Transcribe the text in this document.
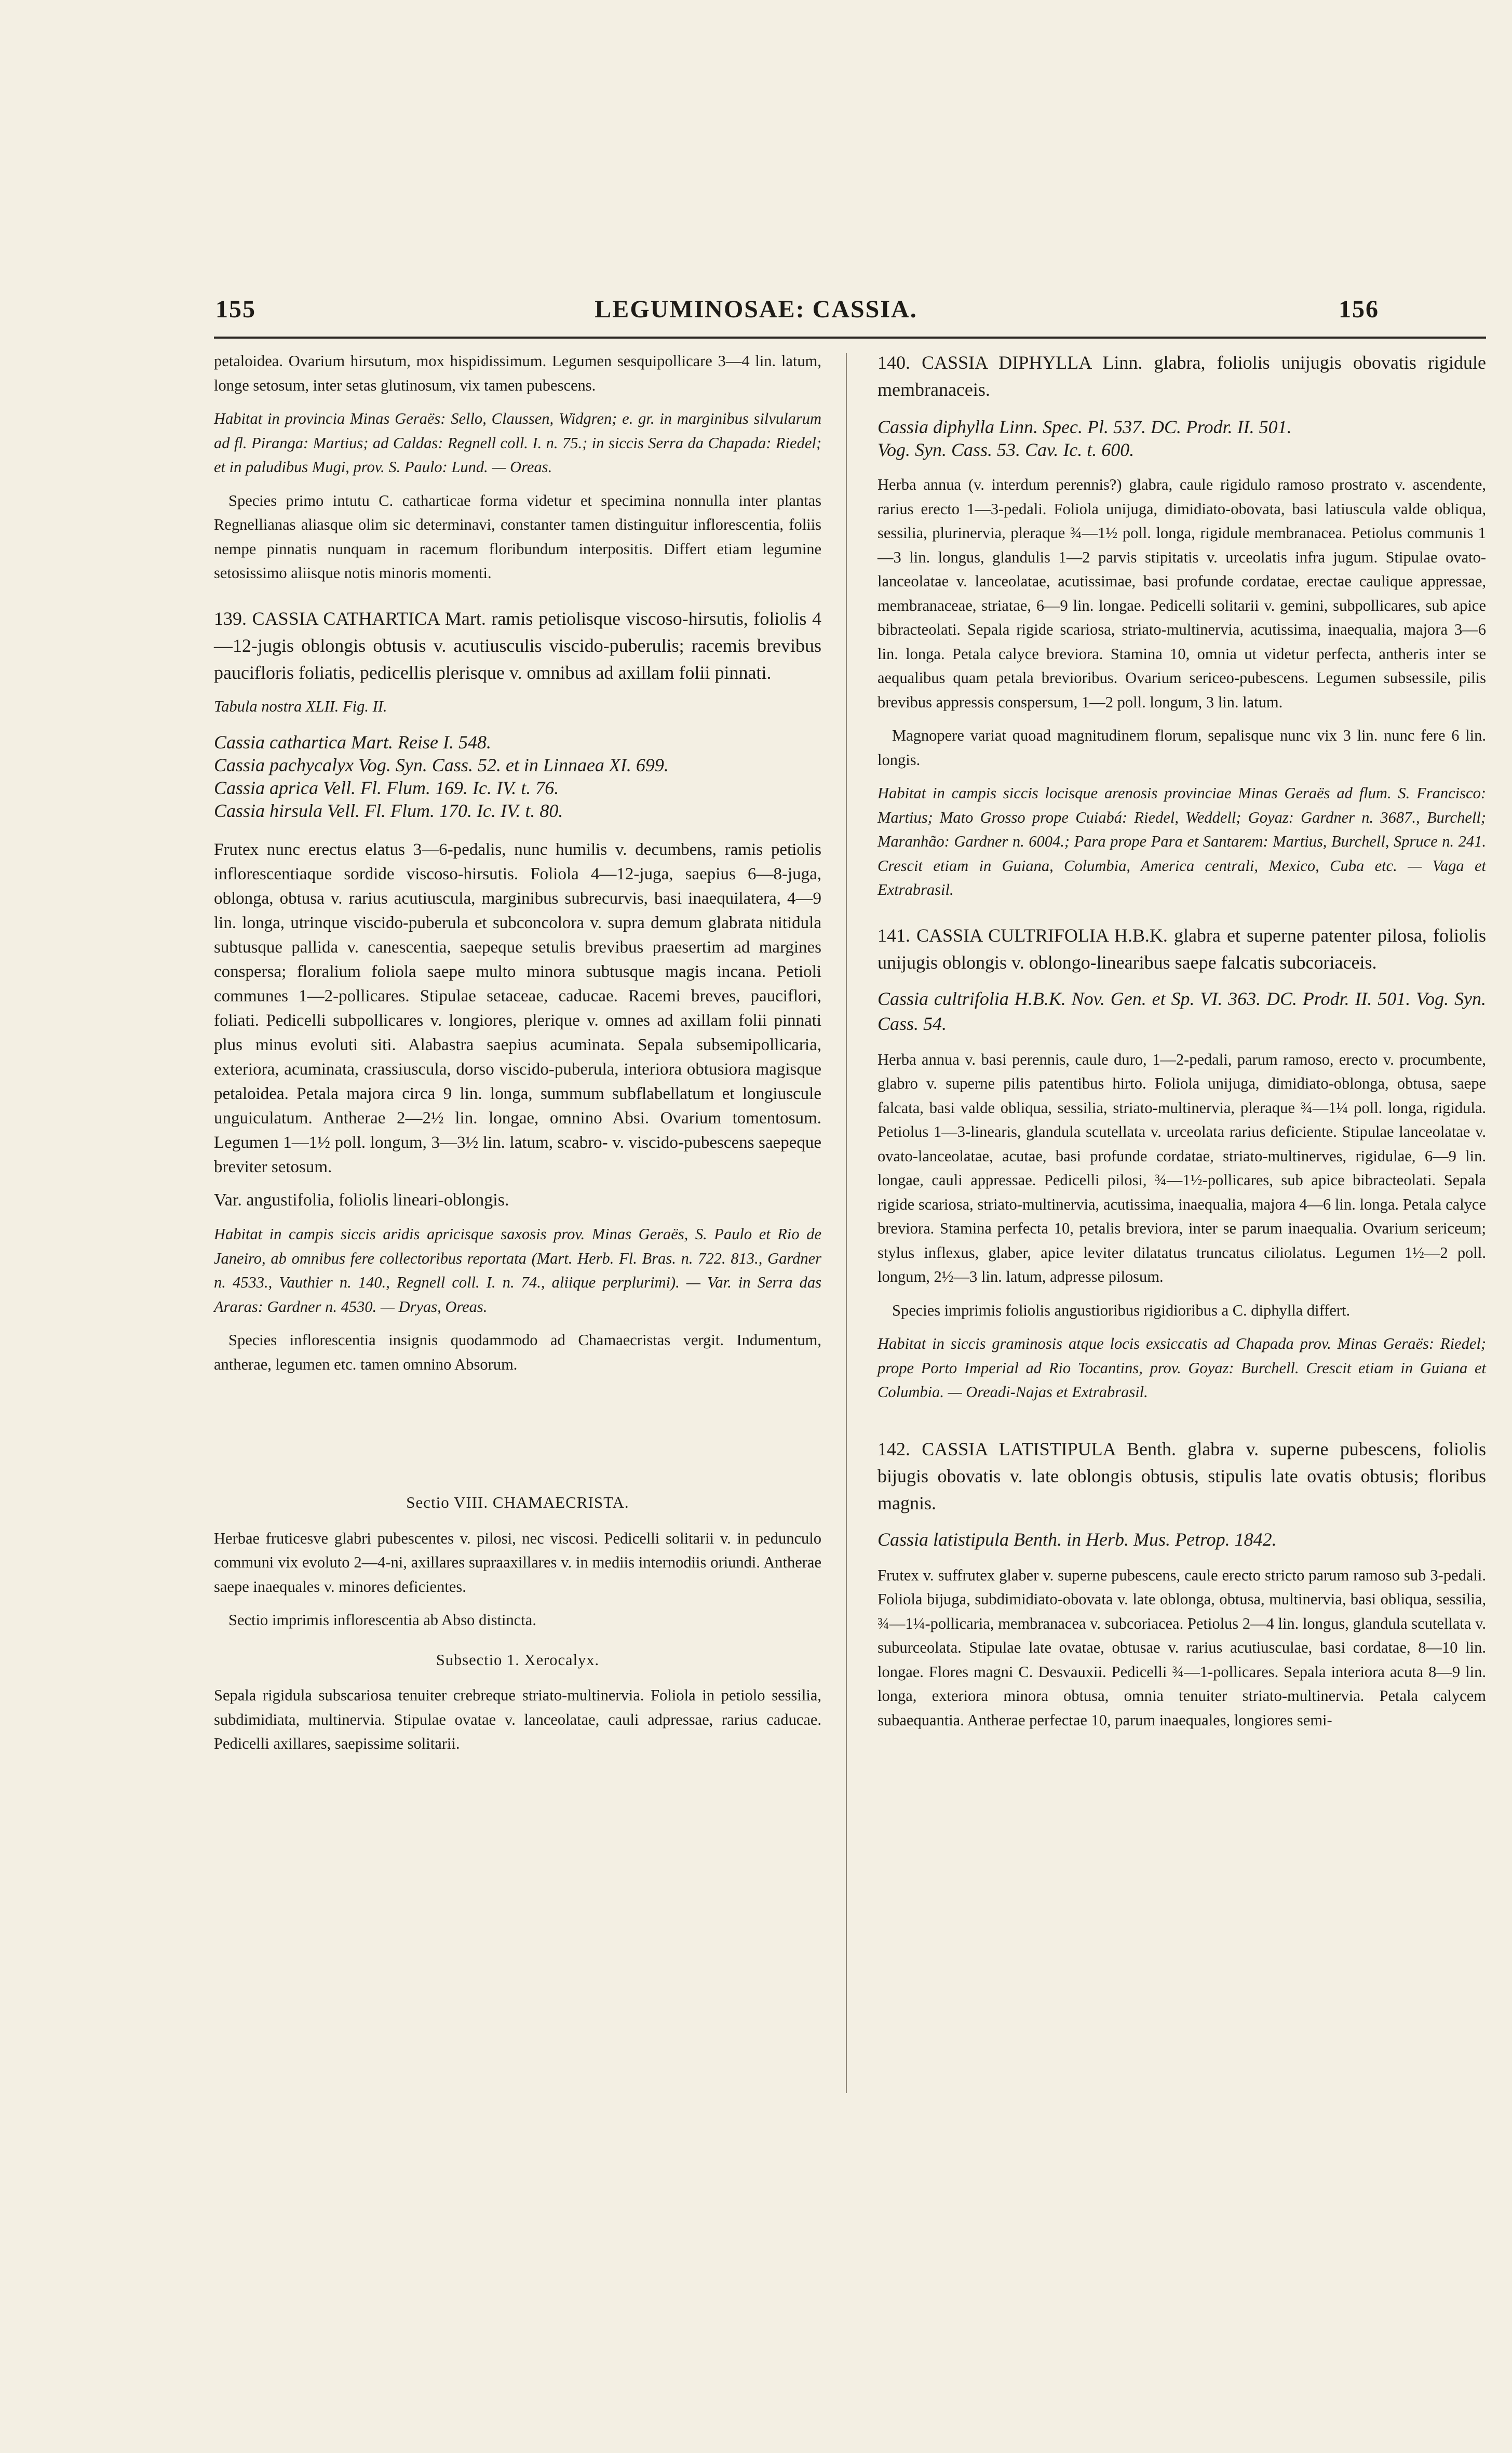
155	LEGUMINOSAE: CASSIA.	156

petaloidea. Ovarium hirsutum, mox hispidissimum. Legumen sesquipollicare 3—4 lin. latum, longe setosum, inter setas glutinosum, vix tamen pubescens.

Habitat in provincia Minas Geraës: Sello, Claussen, Widgren; e. gr. in marginibus silvularum ad fl. Piranga: Martius; ad Caldas: Regnell coll. I. n. 75.; in siccis Serra da Chapada: Riedel; et in paludibus Mugi, prov. S. Paulo: Lund. — Oreas.

Species primo intutu C. catharticae forma videtur et specimina nonnulla inter plantas Regnellianas aliasque olim sic determinavi, constanter tamen distinguitur inflorescentia, foliis nempe pinnatis nunquam in racemum floribundum interpositis. Differt etiam legumine setosissimo aliisque notis minoris momenti.

139. CASSIA CATHARTICA Mart. ramis petiolisque viscoso-hirsutis, foliolis 4—12-jugis oblongis obtusis v. acutiusculis viscido-puberulis; racemis brevibus paucifloris foliatis, pedicellis plerisque v. omnibus ad axillam folii pinnati.

Tabula nostra XLII. Fig. II.

Cassia cathartica Mart. Reise I. 548.
Cassia pachycalyx Vog. Syn. Cass. 52. et in Linnaea XI. 699.
Cassia aprica Vell. Fl. Flum. 169. Ic. IV. t. 76.
Cassia hirsula Vell. Fl. Flum. 170. Ic. IV. t. 80.

Frutex nunc erectus elatus 3—6-pedalis, nunc humilis v. decumbens, ramis petiolis inflorescentiaque sordide viscoso-hirsutis. Foliola 4—12-juga, saepius 6—8-juga, oblonga, obtusa v. rarius acutiuscula, marginibus subrecurvis, basi inaequilatera, 4—9 lin. longa, utrinque viscido-puberula et subconcolora v. supra demum glabrata nitidula subtusque pallida v. canescentia, saepeque setulis brevibus praesertim ad margines conspersa; floralium foliola saepe multo minora subtusque magis incana. Petioli communes 1—2-pollicares. Stipulae setaceae, caducae. Racemi breves, pauciflori, foliati. Pedicelli subpollicares v. longiores, plerique v. omnes ad axillam folii pinnati plus minus evoluti siti. Alabastra saepius acuminata. Sepala subsemipollicaria, exteriora, acuminata, crassiuscula, dorso viscido-puberula, interiora obtusiora magisque petaloidea. Petala majora circa 9 lin. longa, summum subflabellatum et longiuscule unguiculatum. Antherae 2—2½ lin. longae, omnino Absi. Ovarium tomentosum. Legumen 1—1½ poll. longum, 3—3½ lin. latum, scabro- v. viscido-pubescens saepeque breviter setosum.

Var. angustifolia, foliolis lineari-oblongis.

Habitat in campis siccis aridis apricisque saxosis prov. Minas Geraës, S. Paulo et Rio de Janeiro, ab omnibus fere collectoribus reportata (Mart. Herb. Fl. Bras. n. 722. 813., Gardner n. 4533., Vauthier n. 140., Regnell coll. I. n. 74., aliique perplurimi). — Var. in Serra das Araras: Gardner n. 4530. — Dryas, Oreas.

Species inflorescentia insignis quodammodo ad Chamaecristas vergit. Indumentum, antherae, legumen etc. tamen omnino Absorum.

Sectio VIII. CHAMAECRISTA.

Herbae fruticesve glabri pubescentes v. pilosi, nec viscosi. Pedicelli solitarii v. in pedunculo communi vix evoluto 2—4-ni, axillares supraaxillares v. in mediis internodiis oriundi. Antherae saepe inaequales v. minores deficientes.

Sectio imprimis inflorescentia ab Abso distincta.

Subsectio 1. Xerocalyx.

Sepala rigidula subscariosa tenuiter crebreque striato-multinervia. Foliola in petiolo sessilia, subdimidiata, multinervia. Stipulae ovatae v. lanceolatae, cauli adpressae, rarius caducae. Pedicelli axillares, saepissime solitarii.

140. CASSIA DIPHYLLA Linn. glabra, foliolis unijugis obovatis rigidule membranaceis.

Cassia diphylla Linn. Spec. Pl. 537. DC. Prodr. II. 501.
Vog. Syn. Cass. 53. Cav. Ic. t. 600.

Herba annua (v. interdum perennis?) glabra, caule rigidulo ramoso prostrato v. ascendente, rarius erecto 1—3-pedali. Foliola unijuga, dimidiato-obovata, basi latiuscula valde obliqua, sessilia, plurinervia, pleraque ¾—1½ poll. longa, rigidule membranacea. Petiolus communis 1—3 lin. longus, glandulis 1—2 parvis stipitatis v. urceolatis infra jugum. Stipulae ovato-lanceolatae v. lanceolatae, acutissimae, basi profunde cordatae, erectae caulique appressae, membranaceae, striatae, 6—9 lin. longae. Pedicelli solitarii v. gemini, subpollicares, sub apice bibracteolati. Sepala rigide scariosa, striato-multinervia, acutissima, inaequalia, majora 3—6 lin. longa. Petala calyce breviora. Stamina 10, omnia ut videtur perfecta, antheris inter se aequalibus quam petala brevioribus. Ovarium sericeo-pubescens. Legumen subsessile, pilis brevibus appressis conspersum, 1—2 poll. longum, 3 lin. latum.

Magnopere variat quoad magnitudinem florum, sepalisque nunc vix 3 lin. nunc fere 6 lin. longis.

Habitat in campis siccis locisque arenosis provinciae Minas Geraës ad flum. S. Francisco: Martius; Mato Grosso prope Cuiabá: Riedel, Weddell; Goyaz: Gardner n. 3687., Burchell; Maranhão: Gardner n. 6004.; Para prope Para et Santarem: Martius, Burchell, Spruce n. 241. Crescit etiam in Guiana, Columbia, America centrali, Mexico, Cuba etc. — Vaga et Extrabrasil.

141. CASSIA CULTRIFOLIA H.B.K. glabra et superne patenter pilosa, foliolis unijugis oblongis v. oblongo-linearibus saepe falcatis subcoriaceis.

Cassia cultrifolia H.B.K. Nov. Gen. et Sp. VI. 363. DC. Prodr. II. 501. Vog. Syn. Cass. 54.

Herba annua v. basi perennis, caule duro, 1—2-pedali, parum ramoso, erecto v. procumbente, glabro v. superne pilis patentibus hirto. Foliola unijuga, dimidiato-oblonga, obtusa, saepe falcata, basi valde obliqua, sessilia, striato-multinervia, pleraque ¾—1¼ poll. longa, rigidula. Petiolus 1—3-linearis, glandula scutellata v. urceolata rarius deficiente. Stipulae lanceolatae v. ovato-lanceolatae, acutae, basi profunde cordatae, striato-multinerves, rigidulae, 6—9 lin. longae, cauli appressae. Pedicelli pilosi, ¾—1½-pollicares, sub apice bibracteolati. Sepala rigide scariosa, striato-multinervia, acutissima, inaequalia, majora 4—6 lin. longa. Petala calyce breviora. Stamina perfecta 10, petalis breviora, inter se parum inaequalia. Ovarium sericeum; stylus inflexus, glaber, apice leviter dilatatus truncatus ciliolatus. Legumen 1½—2 poll. longum, 2½—3 lin. latum, adpresse pilosum.

Species imprimis foliolis angustioribus rigidioribus a C. diphylla differt.

Habitat in siccis graminosis atque locis exsiccatis ad Chapada prov. Minas Geraës: Riedel; prope Porto Imperial ad Rio Tocantins, prov. Goyaz: Burchell. Crescit etiam in Guiana et Columbia. — Oreadi-Najas et Extrabrasil.

142. CASSIA LATISTIPULA Benth. glabra v. superne pubescens, foliolis bijugis obovatis v. late oblongis obtusis, stipulis late ovatis obtusis; floribus magnis.

Cassia latistipula Benth. in Herb. Mus. Petrop. 1842.

Frutex v. suffrutex glaber v. superne pubescens, caule erecto stricto parum ramoso sub 3-pedali. Foliola bijuga, subdimidiato-obovata v. late oblonga, obtusa, multinervia, basi obliqua, sessilia, ¾—1¼-pollicaria, membranacea v. subcoriacea. Petiolus 2—4 lin. longus, glandula scutellata v. suburceolata. Stipulae late ovatae, obtusae v. rarius acutiusculae, basi cordatae, 8—10 lin. longae. Flores magni C. Desvauxii. Pedicelli ¾—1-pollicares. Sepala interiora acuta 8—9 lin. longa, exteriora minora obtusa, omnia tenuiter striato-multinervia. Petala calycem subaequantia. Antherae perfectae 10, parum inaequales, longiores semi-
